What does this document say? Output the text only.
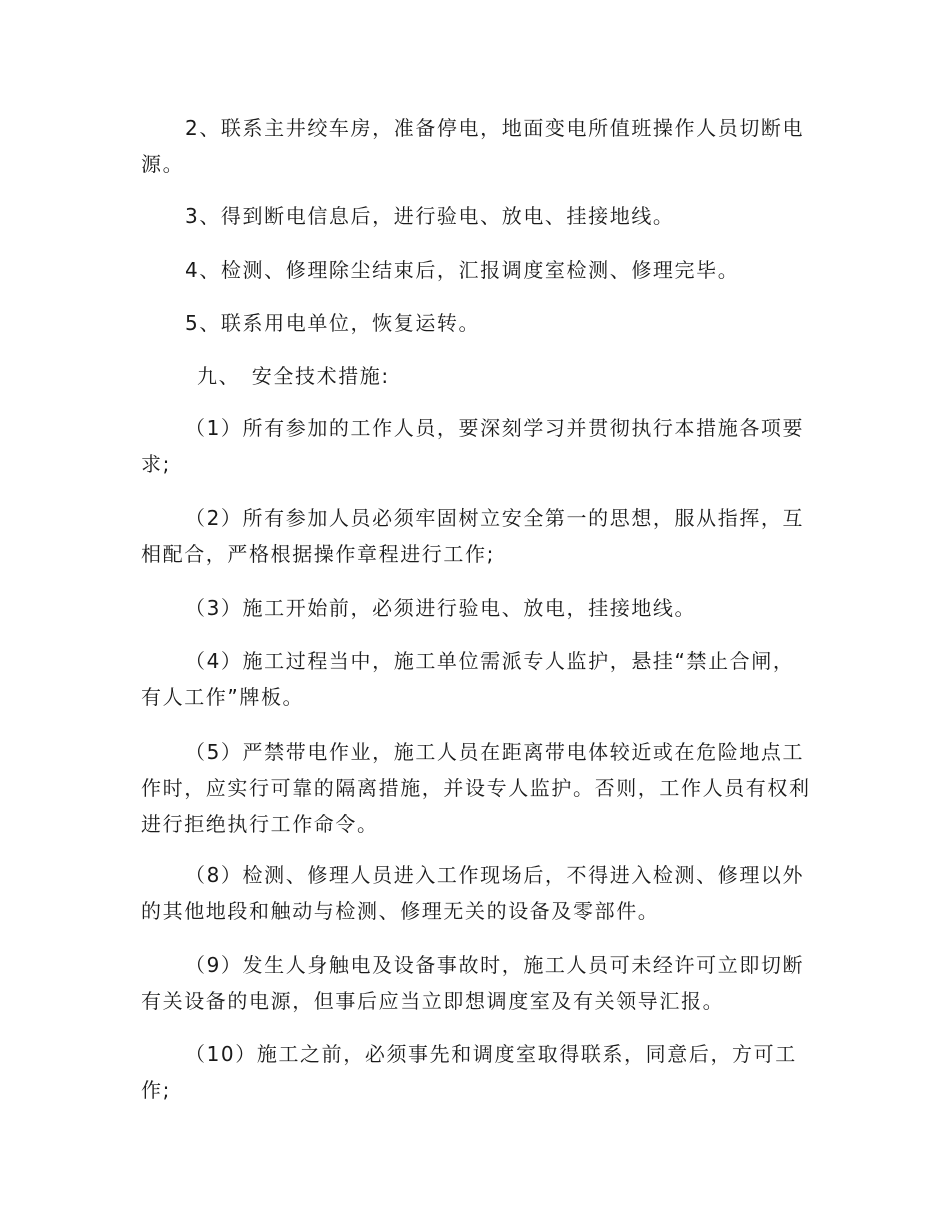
2、联系主井绞车房，准备停电，地面变电所值班操作人员切断电源。

3、得到断电信息后，进行验电、放电、挂接地线。

4、检测、修理除尘结束后，汇报调度室检测、修理完毕。

5、联系用电单位，恢复运转。

九、　安全技术措施:

（1）所有参加的工作人员，要深刻学习并贯彻执行本措施各项要求;

（2）所有参加人员必须牢固树立安全第一的思想，服从指挥，互相配合，严格根据操作章程进行工作;

（3）施工开始前，必须进行验电、放电，挂接地线。

（4）施工过程当中，施工单位需派专人监护，悬挂“禁止合闸，有人工作”牌板。

（5）严禁带电作业，施工人员在距离带电体较近或在危险地点工作时，应实行可靠的隔离措施，并设专人监护。否则，工作人员有权利进行拒绝执行工作命令。

（8）检测、修理人员进入工作现场后，不得进入检测、修理以外的其他地段和触动与检测、修理无关的设备及零部件。

（9）发生人身触电及设备事故时，施工人员可未经许可立即切断有关设备的电源，但事后应当立即想调度室及有关领导汇报。

（10）施工之前，必须事先和调度室取得联系，同意后，方可工作;
